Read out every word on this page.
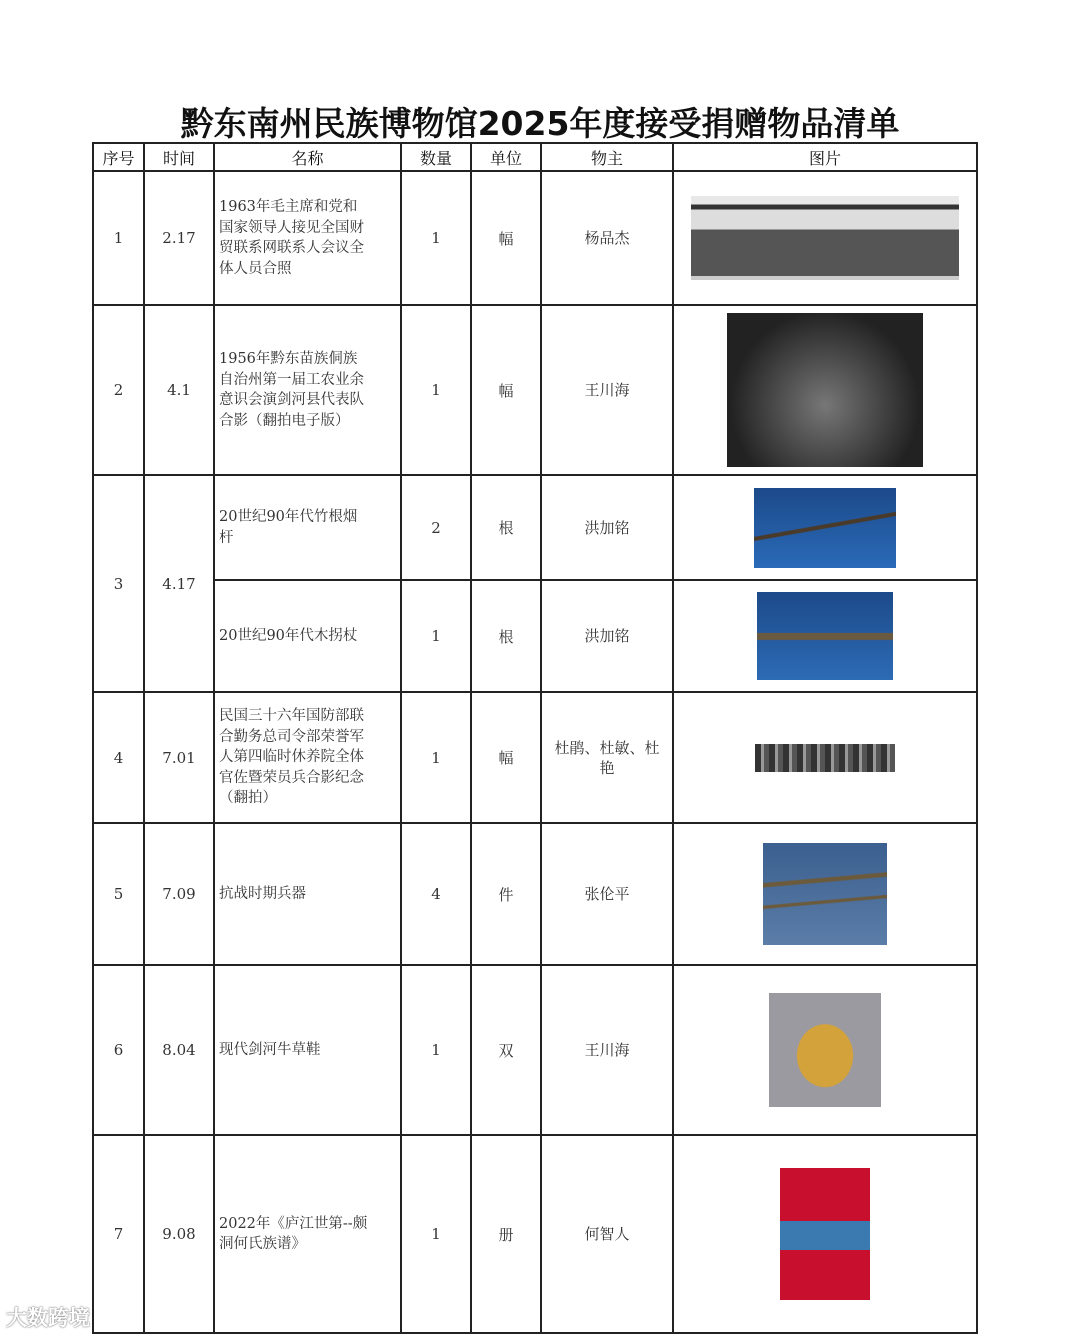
黔东南州民族博物馆2025年度接受捐赠物品清单
序号	时间	名称	数量	单位	物主	图片
1	2.17	1963年毛主席和党和国家领导人接见全国财贸联系网联系人会议全体人员合照	1	幅	杨品杰	

2	4.1	1956年黔东苗族侗族自治州第一届工农业余意识会演剑河县代表队合影（翻拍电子版）	1	幅	王川海	

3	4.17	20世纪90年代竹根烟杆	2	根	洪加铭	

		20世纪90年代木拐杖	1	根	洪加铭	

4	7.01	民国三十六年国防部联合勤务总司令部荣誉军人第四临时休养院全体官佐暨荣员兵合影纪念（翻拍）	1	幅	杜鹃、杜敏、杜艳	

5	7.09	抗战时期兵器	4	件	张伦平	

6	8.04	现代剑河牛草鞋	1	双	王川海	

7	9.08	2022年《庐江世第--颇洞何氏族谱》	1	册	何智人	
大数跨境
